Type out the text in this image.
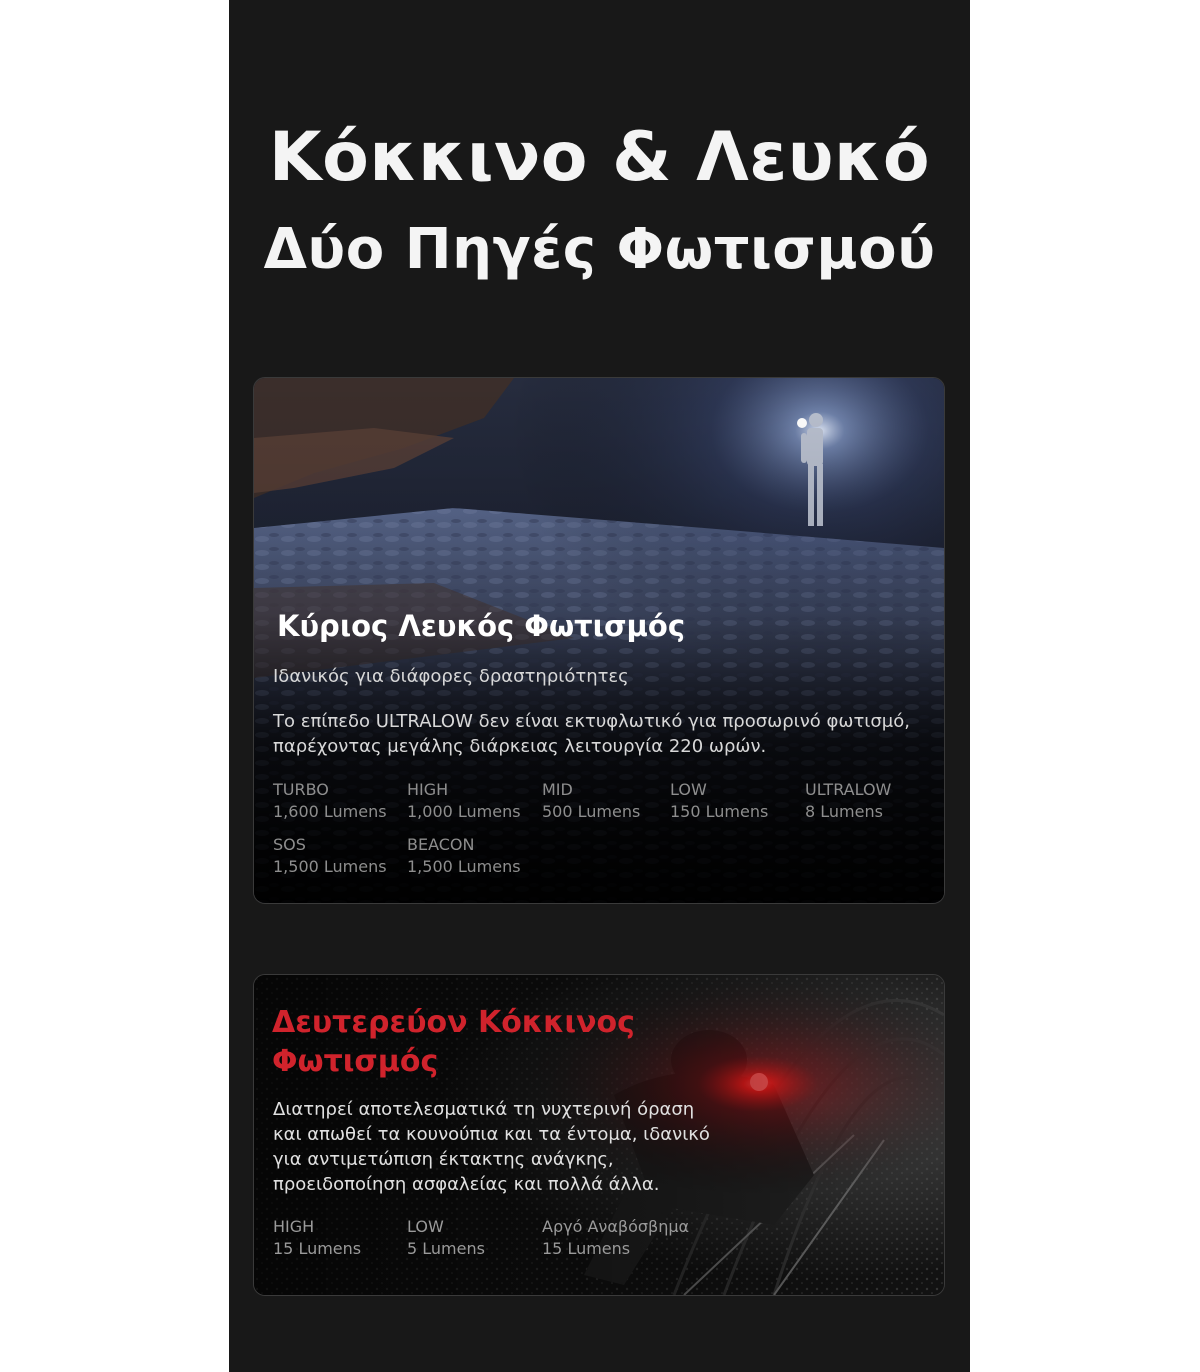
Κόκκινο & Λευκό
Δύο Πηγές Φωτισμού
Κύριος Λευκός Φωτισμός

Ιδανικός για διάφορες δραστηριότητες

Το επίπεδο ULTRALOW δεν είναι εκτυφλωτικό για προσωρινό φωτισμό, παρέχοντας μεγάλης διάρκειας λειτουργία 220 ωρών.

TURBO
1,600 Lumens
HIGH
1,000 Lumens
MID
500 Lumens
LOW
150 Lumens
ULTRALOW
8 Lumens
SOS
1,500 Lumens
BEACON
1,500 Lumens
Δευτερεύον Κόκκινος Φωτισμός

Διατηρεί αποτελεσματικά τη νυχτερινή όραση και απωθεί τα κουνούπια και τα έντομα, ιδανικό για αντιμετώπιση έκτακτης ανάγκης, προειδοποίηση ασφαλείας και πολλά άλλα.

HIGH
15 Lumens
LOW
5 Lumens
Αργό Αναβόσβημα
15 Lumens
